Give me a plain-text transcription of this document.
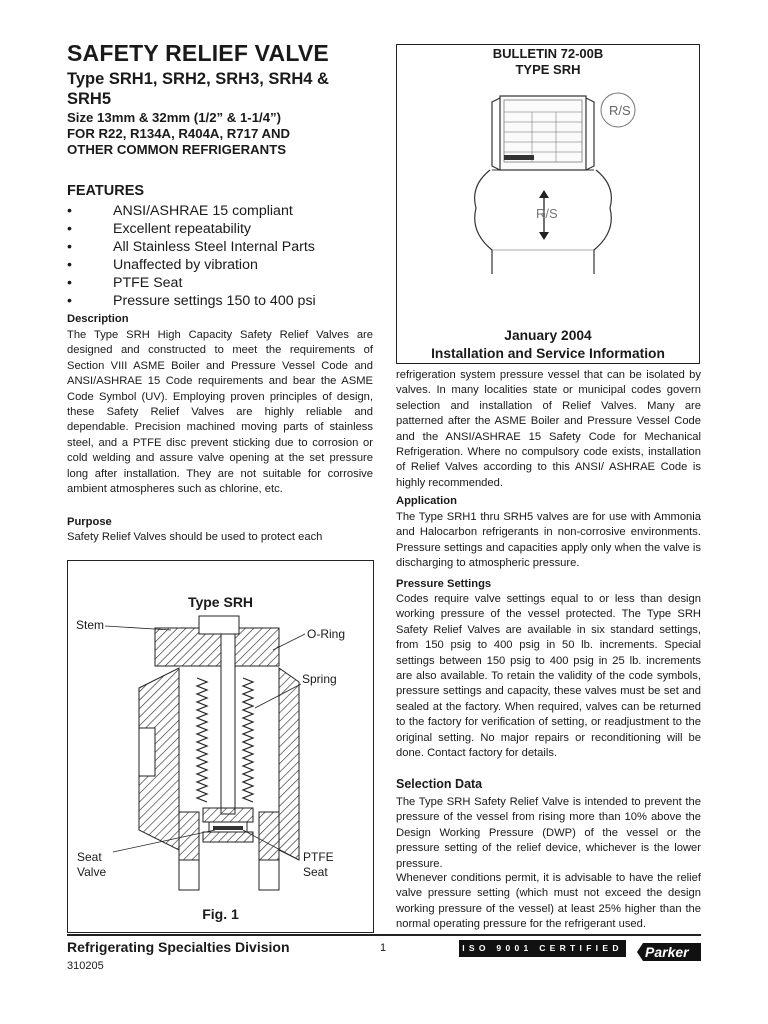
SAFETY RELIEF VALVE
Type SRH1, SRH2, SRH3, SRH4 & SRH5
Size 13mm & 32mm (1/2” & 1-1/4”)
FOR R22, R134A, R404A, R717 AND
OTHER COMMON REFRIGERANTS
FEATURES
•	ANSI/ASHRAE 15 compliant
•	Excellent repeatability
•	All Stainless Steel Internal Parts
•	Unaffected by vibration
•	PTFE Seat
•	Pressure settings 150 to 400 psi
Description
The Type SRH High Capacity Safety Relief Valves are designed and constructed to meet the requirements of Section VIII ASME Boiler and Pressure Vessel Code and ANSI/ASHRAE 15 Code requirements and bear the ASME Code Symbol (UV). Employing proven principles of design, these Safety Relief Valves are highly reliable and dependable. Precision machined moving parts of stainless steel, and a PTFE disc prevent sticking due to corrosion or cold welding and assure valve opening at the set pressure long after installation. They are not suitable for corrosive ambient atmospheres such as chlorine, etc.
Purpose
Safety Relief Valves should be used to protect each
BULLETIN 72-00B
TYPE SRH
R/S
R/S
January 2004
Installation and Service Information
refrigeration system pressure vessel that can be isolated by valves. In many localities state or municipal codes govern selection and installation of Relief Valves. Many are patterned after the ASME Boiler and Pressure Vessel Code and the ANSI/ASHRAE 15 Safety Code for Mechanical Refrigeration. Where no compulsory code exists, installation of Relief Valves according to this ANSI/ ASHRAE Code is highly recommended.
Application
The Type SRH1 thru SRH5 valves are for use with Ammonia and Halocarbon refrigerants in non-corrosive environments. Pressure settings and capacities apply only when the valve is discharging to atmospheric pressure.
Pressure Settings
Codes require valve settings equal to or less than design working pressure of the vessel protected. The Type SRH Safety Relief Valves are available in six standard settings, from 150 psig to 400 psig in 50 lb. increments. Special settings between 150 psig to 400 psig in 25 lb. increments are also available. To retain the validity of the code symbols, pressure settings and capacity, these valves must be set and sealed at the factory. When required, valves can be returned to the factory for verification of setting, or readjustment to the original setting. No major repairs or reconditioning will be done. Contact factory for details.
Selection Data
The Type SRH Safety Relief Valve is intended to prevent the pressure of the vessel from rising more than 10% above the Design Working Pressure (DWP) of the vessel or the pressure setting of the relief device, whichever is the lower pressure.
Whenever conditions permit, it is advisable to have the relief valve pressure setting (which must not exceed the design working pressure of the vessel) at least 25% higher than the normal operating pressure for the refrigerant used.
Type SRH
Stem
O-Ring
Spring
Seat
Valve
PTFE
Seat
Fig. 1
Refrigerating Specialties Division
310205
1	ISO 9001 CERTIFIED Parker
